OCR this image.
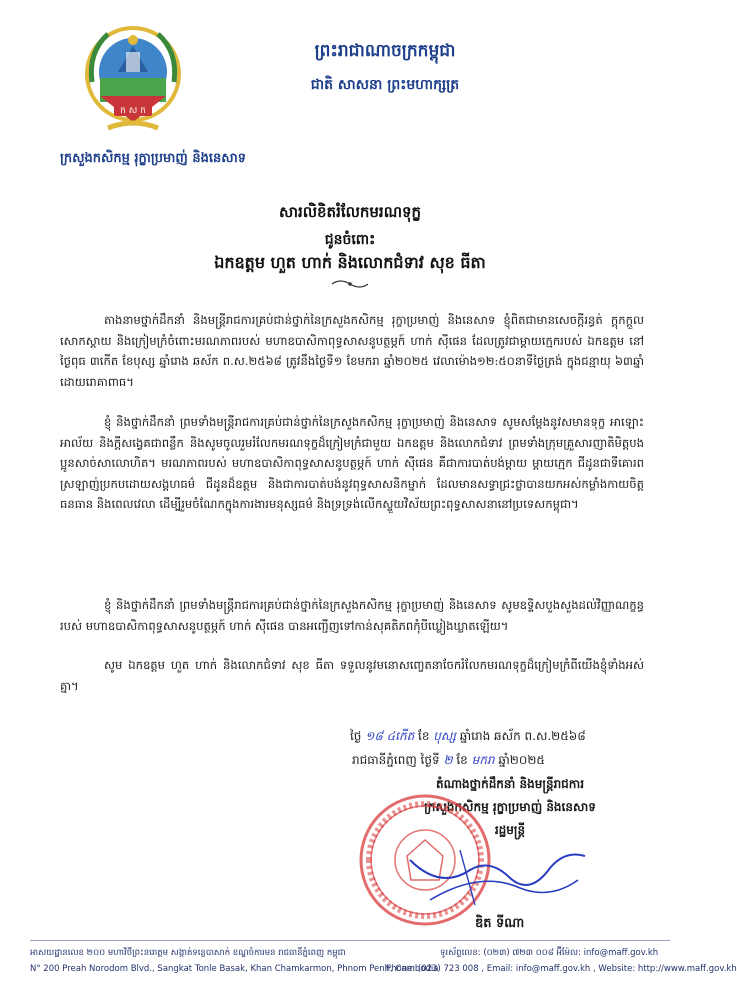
ក ស ក
ព្រះរាជាណាចក្រកម្ពុជា
ជាតិ សាសនា ព្រះមហាក្សត្រ
ក្រសួងកសិកម្ម រុក្ខាប្រមាញ់ និងនេសាទ
សារលិខិតរំលែកមរណទុក្ខ
ជូនចំពោះ
ឯកឧត្តម ហួត ហាក់ និងលោកជំទាវ សុខ ធីតា
តាងនាមថ្នាក់ដឹកនាំ និងមន្ត្រីរាជការគ្រប់ជាន់ថ្នាក់នៃក្រសួងកសិកម្ម រុក្ខាប្រមាញ់ និងនេសាទ ខ្ញុំពិតជាមានសេចក្តីរន្ធត់ ក្តុកក្តួល សោកស្តាយ និងក្រៀមក្រំចំពោះមរណភាពរបស់ មហាឧបាសិកាពុទ្ធសាសនូបត្ថម្ភក៍ ហាក់ ស៊ីផេន ដែលត្រូវជាម្តាយក្មេករបស់ ឯកឧត្តម នៅថ្ងៃពុធ ៣កើត ខែបុស្ស ឆ្នាំរោង ឆស័ក ព.ស.២៥៦៨ ត្រូវនឹងថ្ងៃទី១ ខែមករា ឆ្នាំ២០២៥ វេលាម៉ោង១២:៥០នាទីថ្ងៃត្រង់ ក្នុងជន្មាយុ ៦៣ឆ្នាំ ដោយរោគាពាធ។
ខ្ញុំ និងថ្នាក់ដឹកនាំ ព្រមទាំងមន្ត្រីរាជការគ្រប់ជាន់ថ្នាក់នៃក្រសួងកសិកម្ម រុក្ខាប្រមាញ់ និងនេសាទ សូមសម្តែងនូវសមានទុក្ខ អាឡោះអាល័យ និងក្តីសង្វេគជាពន្លឹក និងសូមចូលរួមរំលែកមរណទុក្ខដ៏ក្រៀមក្រំជាមួយ ឯកឧត្តម និងលោកជំទាវ ព្រមទាំងក្រុមគ្រួសារញាតិមិត្តបងប្អូនសាច់សាលោហិត។ មរណភាពរបស់ មហាឧបាសិកាពុទ្ធសាសនូបត្ថម្ភក៍ ហាក់ ស៊ីផេន គឺជាការបាត់បង់ម្តាយ ម្តាយក្មេក ជីដូនជាទីគោរពស្រឡាញ់ប្រកបដោយសង្គហធម៌ ជីដូនដ៏ឧត្តម និងជាការបាត់បង់នូវពុទ្ធសាសនិកម្នាក់ ដែលមានសទ្ធាជ្រះថ្លាបានយកអស់កម្លាំងកាយចិត្ត ធនធាន និងពេលវេលា ដើម្បីរួមចំណែកក្នុងការងារមនុស្សធម៌ និងទ្រទ្រង់លើកស្ទួយវិស័យព្រះពុទ្ធសាសនានៅប្រទេសកម្ពុជា។
ខ្ញុំ និងថ្នាក់ដឹកនាំ ព្រមទាំងមន្ត្រីរាជការគ្រប់ជាន់ថ្នាក់នៃក្រសួងកសិកម្ម រុក្ខាប្រមាញ់ និងនេសាទ សូមឧទ្ទិសបួងសួងដល់វិញ្ញាណក្ខន្ធរបស់ មហាឧបាសិកាពុទ្ធសាសនូបត្ថម្ភក៍ ហាក់ ស៊ីផេន បានអញ្ជើញទៅកាន់សុគតិភពកុំបីឃ្លៀងឃ្លាតឡើយ។
សូម ឯកឧត្តម ហួត ហាក់ និងលោកជំទាវ សុខ ធីតា ទទួលនូវមនោសញ្ចេតនាចែករំលែកមរណទុក្ខដ៏ក្រៀមក្រំពីយើងខ្ញុំទាំងអស់គ្នា។
ថ្ងៃ ១៨ ៤កើត ខែ បុស្ស ឆ្នាំរោង ឆស័ក ព.ស.២៥៦៨
រាជធានីភ្នំពេញ ថ្ងៃទី ២ ខែ មករា ឆ្នាំ២០២៥
តំណាងថ្នាក់ដឹកនាំ និងមន្ត្រីរាជការ
ក្រសួងកសិកម្ម រុក្ខាប្រមាញ់ និងនេសាទ
រដ្ឋមន្ត្រី
ឌិត ទីណា
អាសយដ្ឋានលេខ ២០០ មហាវិថីព្រះនរោត្តម សង្កាត់ទន្លេបាសាក់ ខណ្ឌចំការមន រាជធានីភ្នំពេញ កម្ពុជា
N° 200 Preah Norodom Blvd., Sangkat Tonle Basak, Khan Chamkarmon, Phnom Penh, Cambodia
ទូរស័ព្ទលេខ: (០២៣) ៧២៣ ០០៨ អ៊ីម៉ែល: info@maff.gov.kh
Phone: (023) 723 008 , Email: info@maff.gov.kh , Website: http://www.maff.gov.kh
